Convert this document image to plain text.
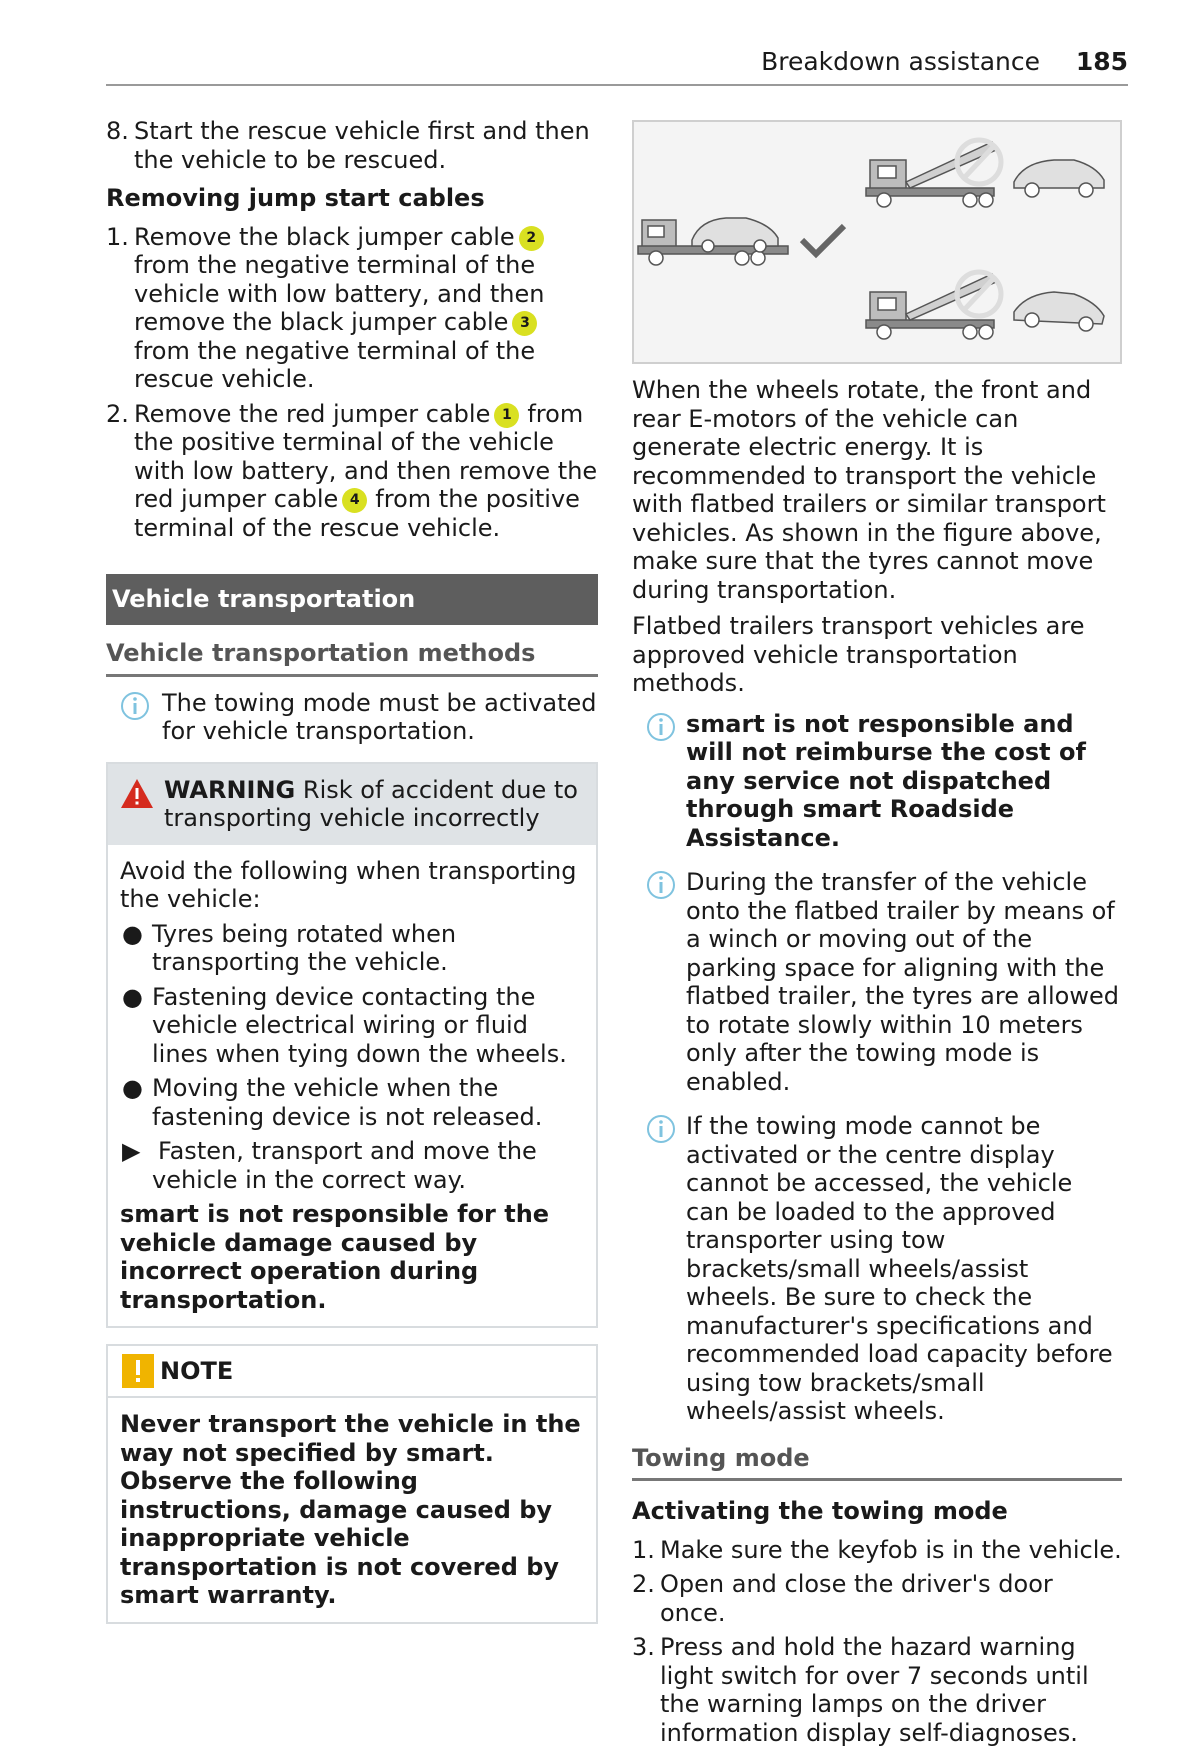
Breakdown assistance 185
8. Start the rescue vehicle first and then the vehicle to be rescued.
Removing jump start cables
1. Remove the black jumper cable 2from the negative terminal of the vehicle with low battery, and then remove the black jumper cable 3from the negative terminal of the rescue vehicle.
2. Remove the red jumper cable 1 from the positive terminal of the vehicle with low battery, and then remove the red jumper cable 4 from the positive terminal of the rescue vehicle.
Vehicle transportation
Vehicle transportation methods
The towing mode must be activated for vehicle transportation.
WARNING Risk of accident due to transporting vehicle incorrectly

Avoid the following when transporting the vehicle:

● Tyres being rotated when transporting the vehicle.
● Fastening device contacting the vehicle electrical wiring or fluid lines when tying down the wheels.
● Moving the vehicle when the fastening device is not released.
▶ Fasten, transport and move the vehicle in the correct way.

smart is not responsible for the vehicle damage caused by incorrect operation during transportation.

NOTE
Never transport the vehicle in the way not specified by smart. Observe the following instructions, damage caused by inappropriate vehicle transportation is not covered by smart warranty.

When the wheels rotate, the front and rear E-motors of the vehicle can generate electric energy. It is recommended to transport the vehicle with flatbed trailers or similar transport vehicles. As shown in the figure above, make sure that the tyres cannot move during transportation.

Flatbed trailers transport vehicles are approved vehicle transportation methods.

smart is not responsible and will not reimburse the cost of any service not dispatched through smart Roadside Assistance.
During the transfer of the vehicle onto the flatbed trailer by means of a winch or moving out of the parking space for aligning with the flatbed trailer, the tyres are allowed to rotate slowly within 10 meters only after the towing mode is enabled.
If the towing mode cannot be activated or the centre display cannot be accessed, the vehicle can be loaded to the approved transporter using tow brackets/small wheels/assist wheels. Be sure to check the manufacturer's specifications and recommended load capacity before using tow brackets/small wheels/assist wheels.
Towing mode
Activating the towing mode
1. Make sure the keyfob is in the vehicle.
2. Open and close the driver's door once.
3. Press and hold the hazard warning light switch for over 7 seconds until the warning lamps on the driver information display self-diagnoses.
